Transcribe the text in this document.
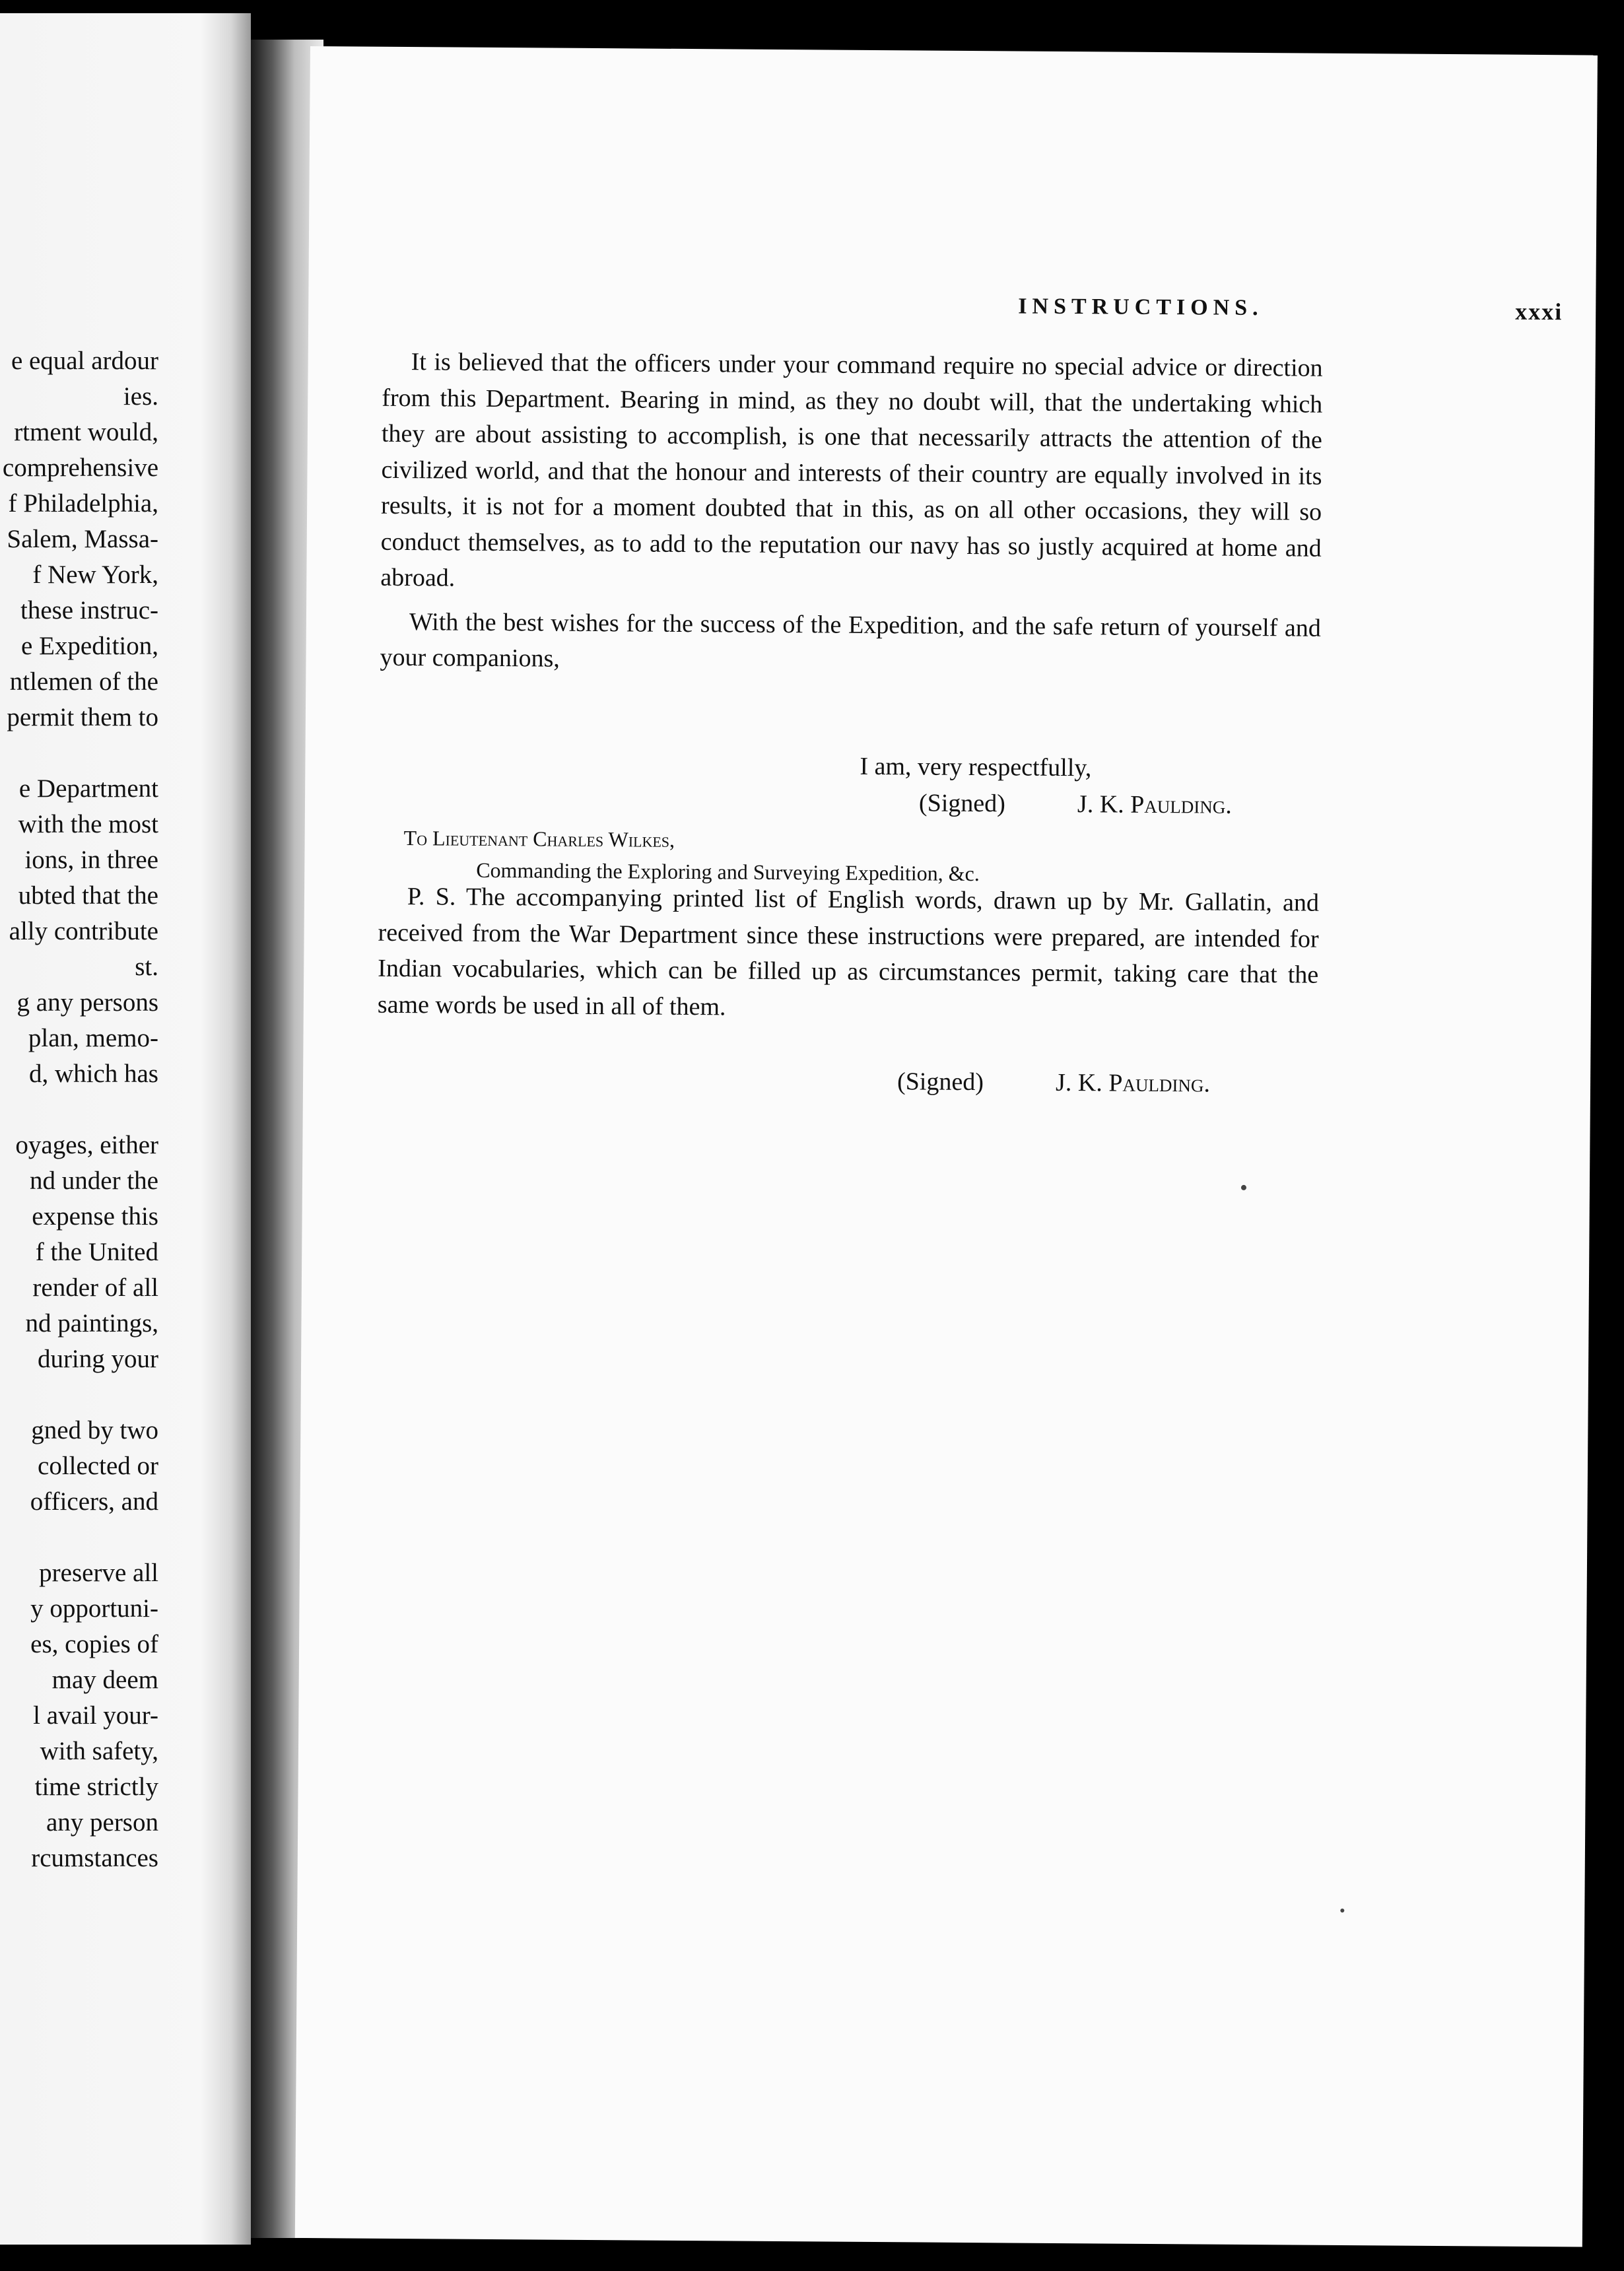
e equal ardour
ies.
rtment would,
comprehensive
f Philadelphia,
Salem, Massa-
f New York,
these instruc-
e Expedition,
ntlemen of the
permit them to
e Department
with the most
ions, in three
ubted that the
ally contribute
st.
g any persons
plan, memo-
d, which has
oyages, either
nd under the
expense this
f the United
render of all
nd paintings,
during your
gned by two
collected or
officers, and
preserve all
y opportuni-
es, copies of
may deem
l avail your-
with safety,
time strictly
any person
rcumstances
INSTRUCTIONS.	xxxi

It is believed that the officers under your command require no special advice or direction from this Department. Bearing in mind, as they no doubt will, that the undertaking which they are about assisting to accomplish, is one that necessarily attracts the attention of the civilized world, and that the honour and interests of their country are equally involved in its results, it is not for a moment doubted that in this, as on all other occasions, they will so conduct themselves, as to add to the reputation our navy has so justly acquired at home and abroad.

With the best wishes for the success of the Expedition, and the safe return of yourself and your companions,

I am, very respectfully,
(Signed)	J. K. Paulding.
To Lieutenant Charles Wilkes,
Commanding the Exploring and Surveying Expedition, &c.

P. S. The accompanying printed list of English words, drawn up by Mr. Gallatin, and received from the War Department since these instructions were prepared, are intended for Indian vocabularies, which can be filled up as circumstances permit, taking care that the same words be used in all of them.

(Signed)	J. K. Paulding.
